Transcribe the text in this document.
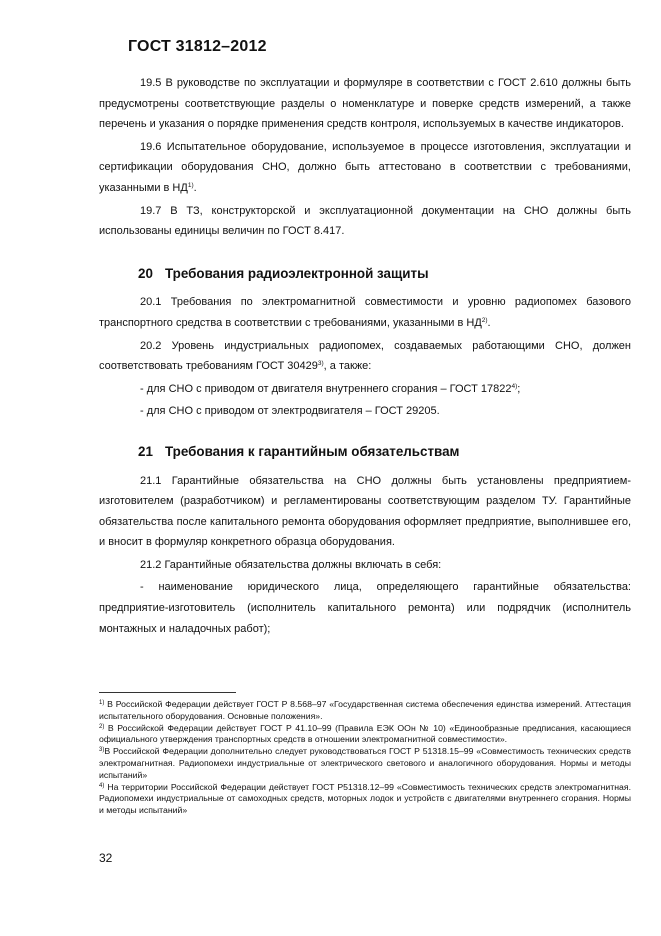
ГОСТ 31812–2012

19.5 В руководстве по эксплуатации и формуляре в соответствии с ГОСТ 2.610 должны быть предусмотрены соответствующие разделы о номенклатуре и поверке средств измерений, а также перечень и указания о порядке применения средств контроля, используемых в качестве индикаторов.

19.6 Испытательное оборудование, используемое в процессе изготовления, эксплуатации и сертификации оборудования СНО, должно быть аттестовано в соответствии с требованиями, указанными в НД$^{1)}$.

19.7 В ТЗ, конструкторской и эксплуатационной документации на СНО должны быть использованы единицы величин по ГОСТ 8.417.

20 Требования радиоэлектронной защиты

20.1 Требования по электромагнитной совместимости и уровню радиопомех базового транспортного средства в соответствии с требованиями, указанными в НД$^{2)}$.

20.2 Уровень индустриальных радиопомех, создаваемых работающими СНО, должен соответствовать требованиям ГОСТ 30429$^{3)}$, а также:

- для СНО с приводом от двигателя внутреннего сгорания – ГОСТ 17822$^{4)}$;

- для СНО с приводом от электродвигателя – ГОСТ 29205.

21 Требования к гарантийным обязательствам

21.1 Гарантийные обязательства на СНО должны быть установлены предприятием-изготовителем (разработчиком) и регламентированы соответствующим разделом ТУ. Гарантийные обязательства после капитального ремонта оборудования оформляет предприятие, выполнившее его, и вносит в формуляр конкретного образца оборудования.

21.2 Гарантийные обязательства должны включать в себя:

- наименование юридического лица, определяющего гарантийные обязательства: предприятие-изготовитель (исполнитель капитального ремонта) или подрядчик (исполнитель монтажных и наладочных работ);

$^{1)}$ В Российской Федерации действует ГОСТ Р 8.568–97 «Государственная система обеспечения единства измерений. Аттестация испытательного оборудования. Основные положения».

$^{2)}$ В Российской Федерации действует ГОСТ Р 41.10–99 (Правила ЕЭК ООн № 10) «Единообразные предписания, касающиеся официального утверждения транспортных средств в отношении электромагнитной совместимости».

$^{3)}$В Российской Федерации дополнительно следует руководствоваться ГОСТ Р 51318.15–99 «Совместимость технических средств электромагнитная. Радиопомехи индустриальные от электрического светового и аналогичного оборудования. Нормы и методы испытаний»

$^{4)}$ На территории Российской Федерации действует ГОСТ Р51318.12–99 «Совместимость технических средств электромагнитная. Радиопомехи индустриальные от самоходных средств, моторных лодок и устройств с двигателями внутреннего сгорания. Нормы и методы испытаний»

32
